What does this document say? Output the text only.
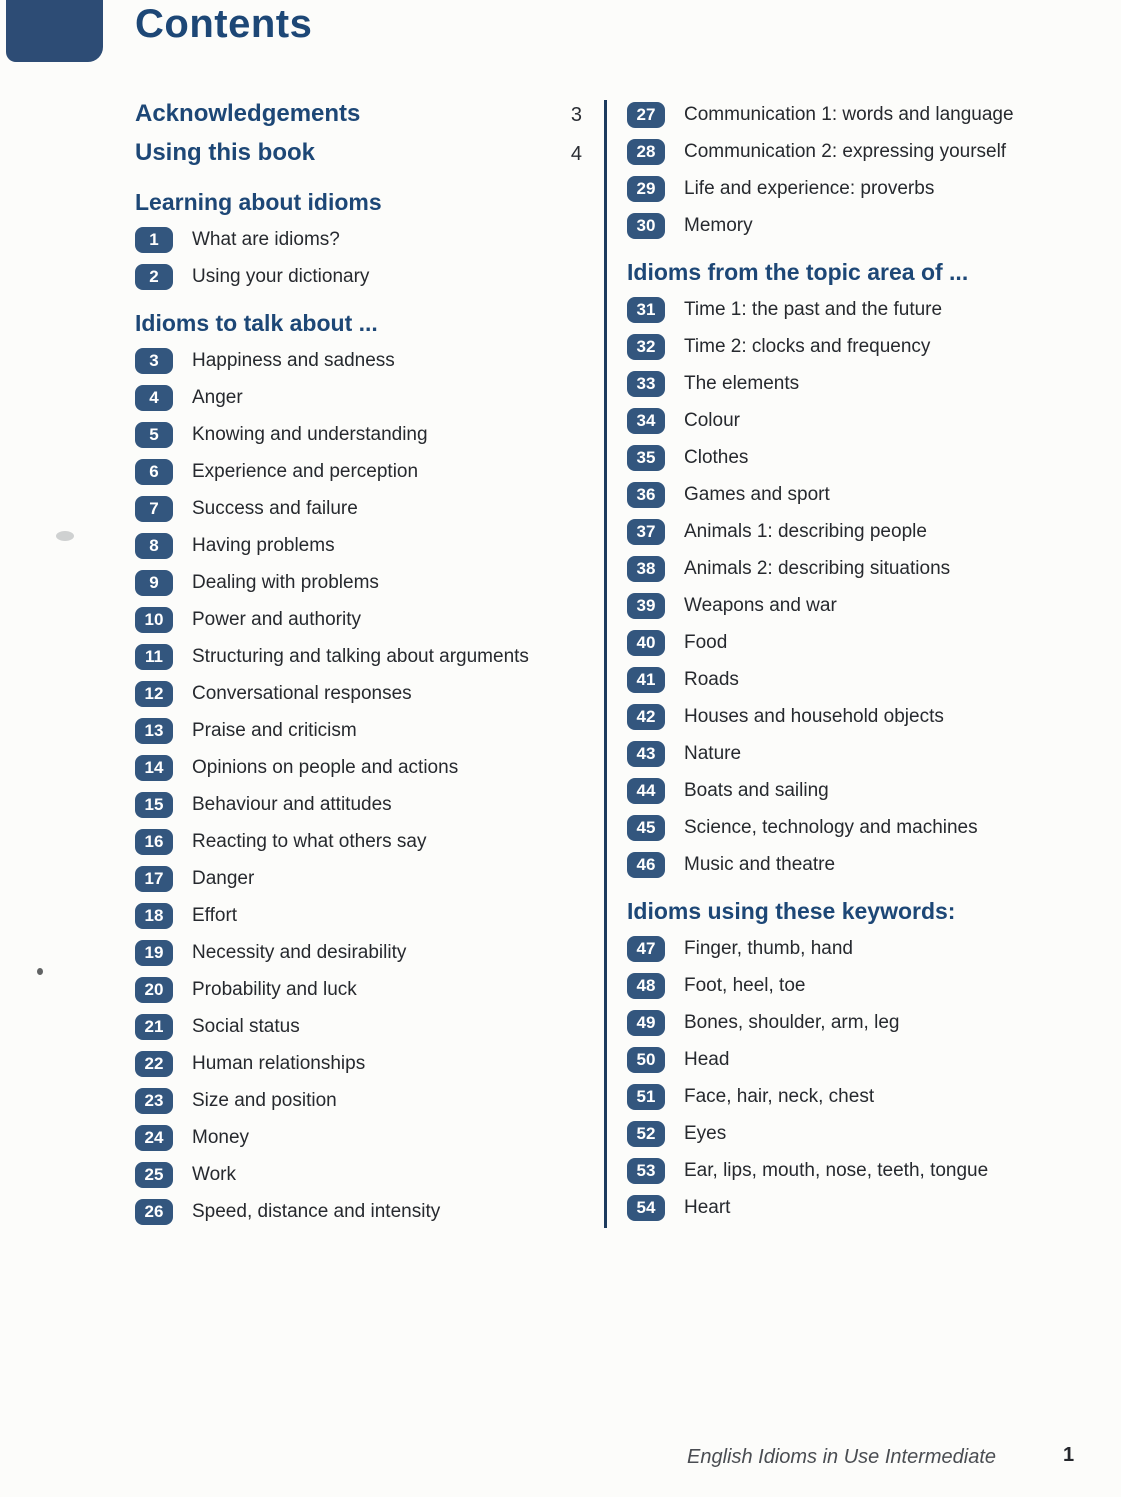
Contents
Acknowledgements	3
Using this book	4
Learning about idioms
1	What are idioms?
2	Using your dictionary
Idioms to talk about ...
3	Happiness and sadness
4	Anger
5	Knowing and understanding
6	Experience and perception
7	Success and failure
8	Having problems
9	Dealing with problems
10	Power and authority
11	Structuring and talking about arguments
12	Conversational responses
13	Praise and criticism
14	Opinions on people and actions
15	Behaviour and attitudes
16	Reacting to what others say
17	Danger
18	Effort
19	Necessity and desirability
20	Probability and luck
21	Social status
22	Human relationships
23	Size and position
24	Money
25	Work
26	Speed, distance and intensity
27	Communication 1: words and language
28	Communication 2: expressing yourself
29	Life and experience: proverbs
30	Memory
Idioms from the topic area of ...
31	Time 1: the past and the future
32	Time 2: clocks and frequency
33	The elements
34	Colour
35	Clothes
36	Games and sport
37	Animals 1: describing people
38	Animals 2: describing situations
39	Weapons and war
40	Food
41	Roads
42	Houses and household objects
43	Nature
44	Boats and sailing
45	Science, technology and machines
46	Music and theatre
Idioms using these keywords:
47	Finger, thumb, hand
48	Foot, heel, toe
49	Bones, shoulder, arm, leg
50	Head
51	Face, hair, neck, chest
52	Eyes
53	Ear, lips, mouth, nose, teeth, tongue
54	Heart
English Idioms in Use Intermediate	1
